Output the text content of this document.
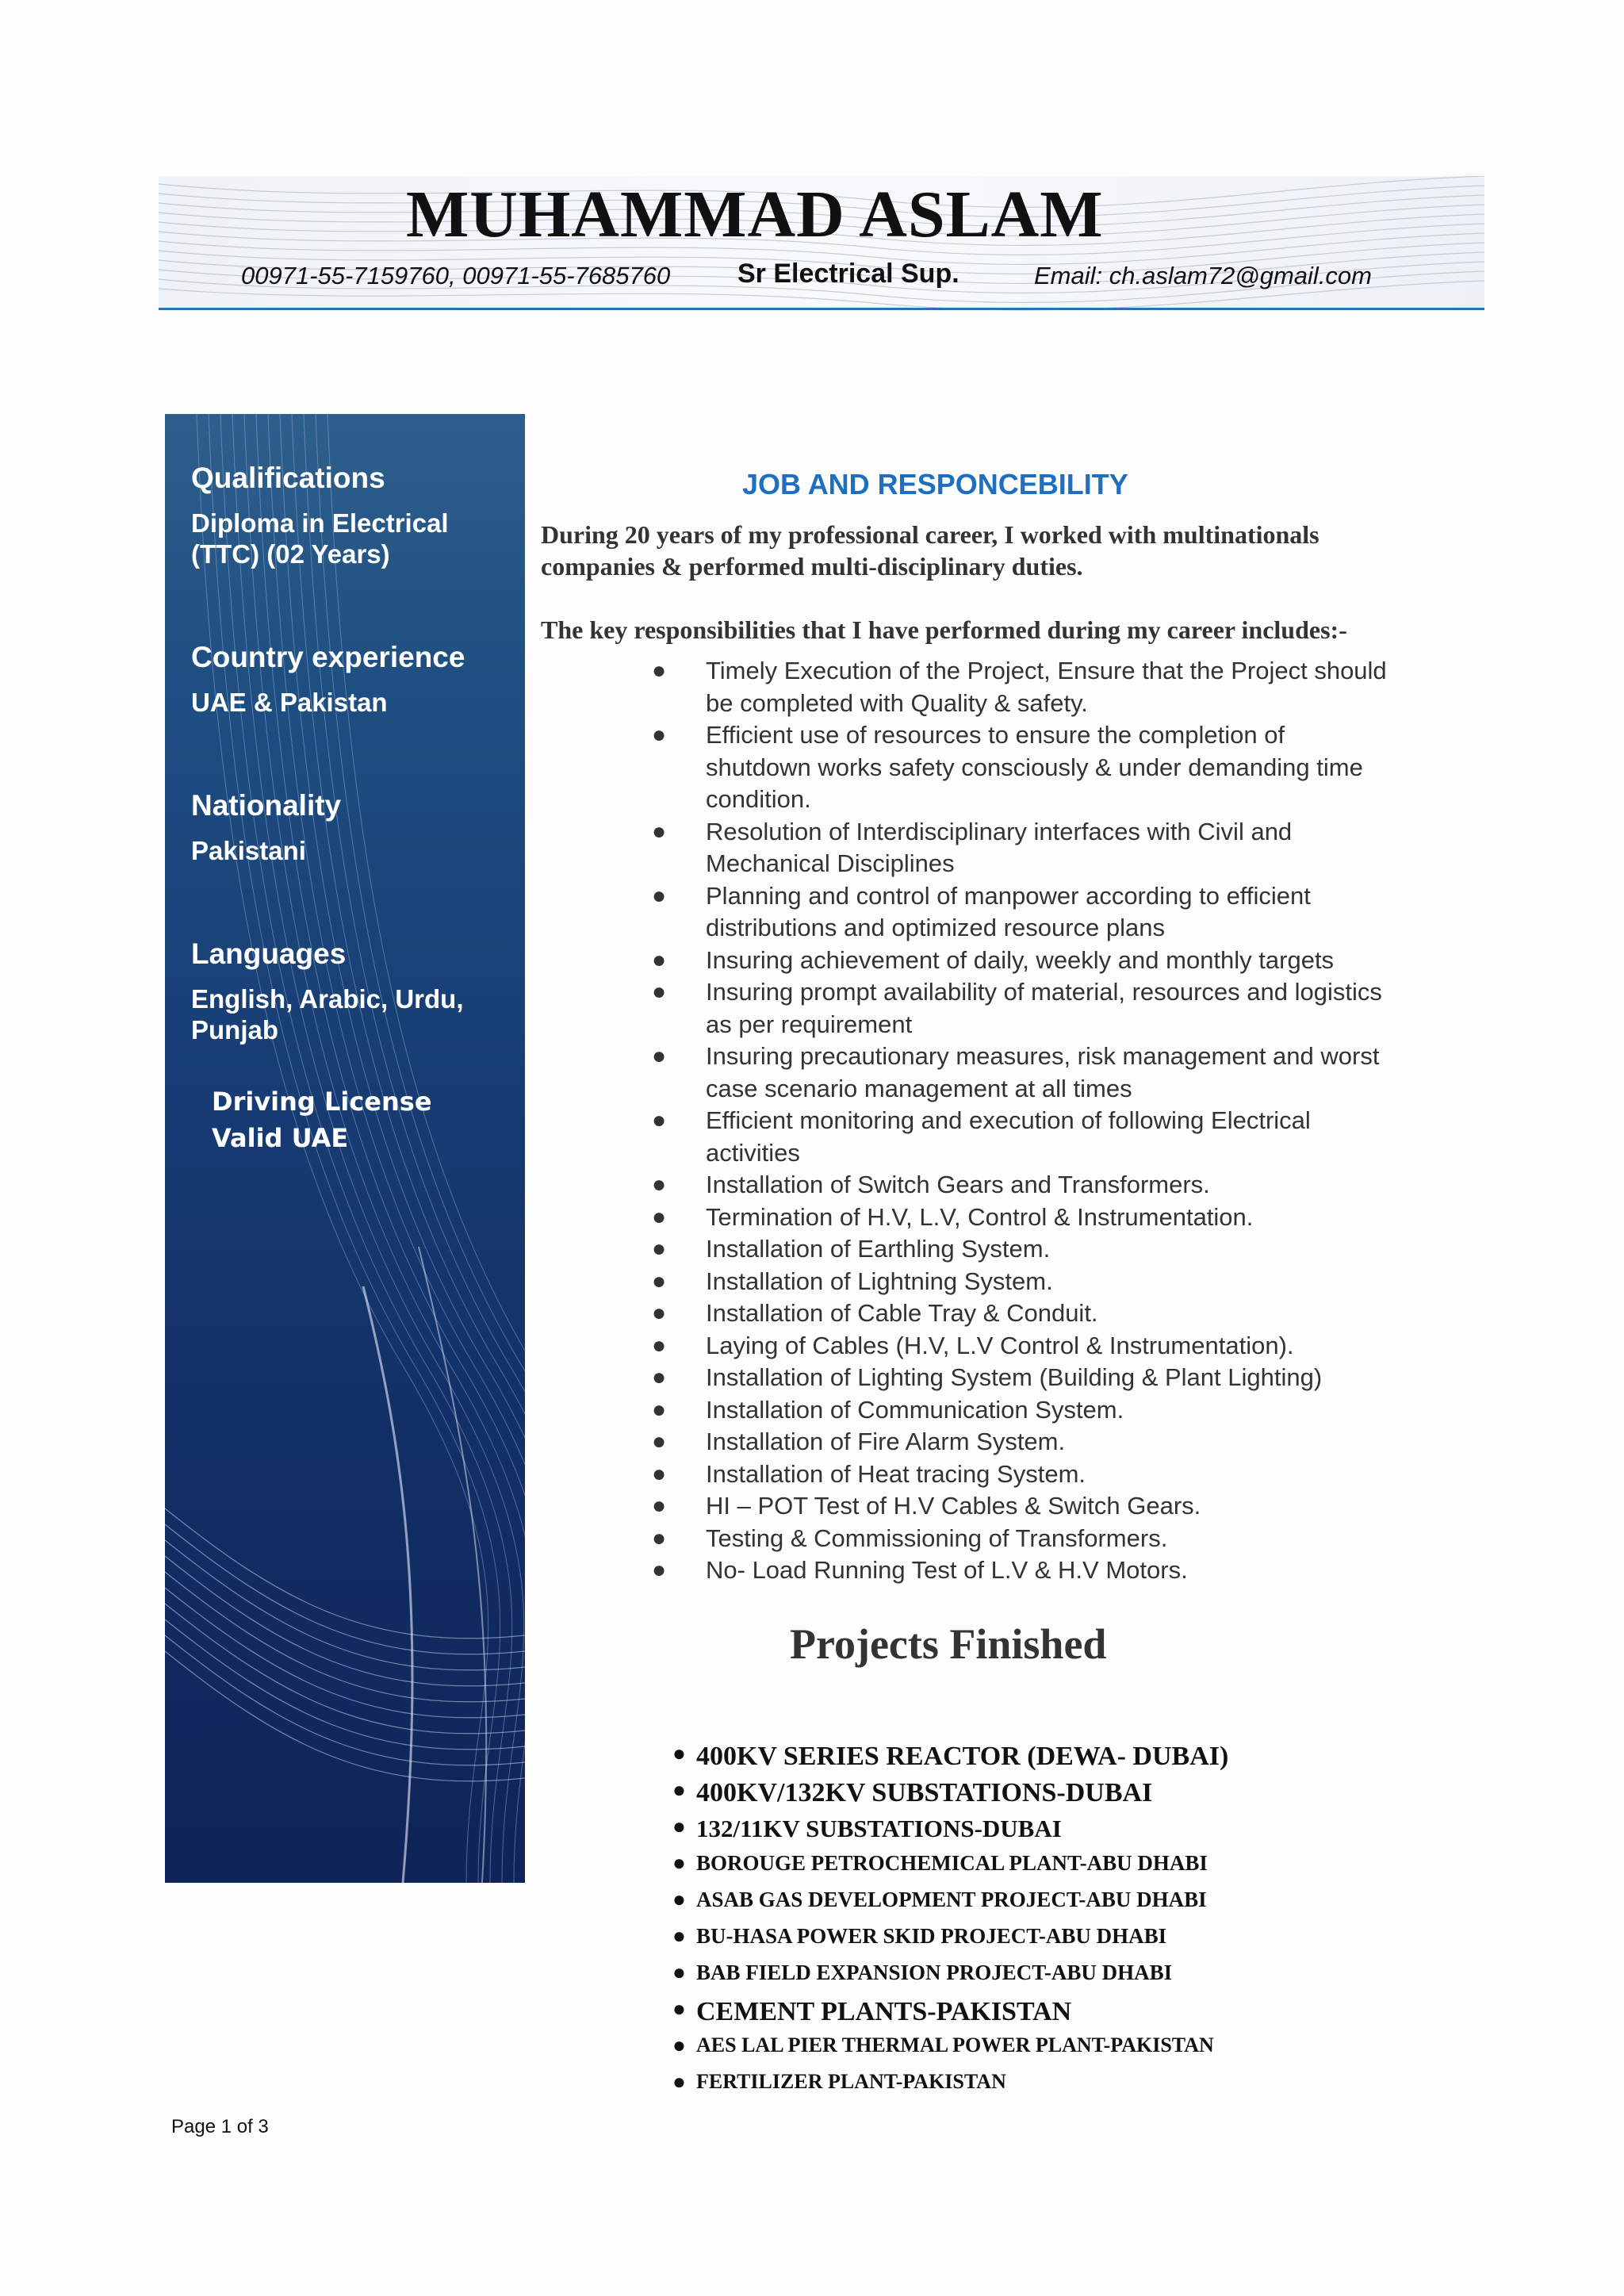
MUHAMMAD ASLAM
00971-55-7159760, 00971-55-7685760 Sr Electrical Sup.	Email: ch.aslam72@gmail.com

Qualifications

Diploma in Electrical

(TTC) (02 Years)

Country experience

UAE & Pakistan

Nationality

Pakistani

Languages

English, Arabic, Urdu,

Punjab

Driving License
Valid UAE
JOB AND RESPONCEBILITY
During 20 years of my professional career, I worked with multinationals
companies & performed multi-disciplinary duties.
The key responsibilities that I have performed during my career includes:-
● Timely Execution of the Project, Ensure that the Project should
be completed with Quality & safety.
● Efficient use of resources to ensure the completion of
shutdown works safety consciously & under demanding time
condition.
● Resolution of Interdisciplinary interfaces with Civil and
Mechanical Disciplines
● Planning and control of manpower according to efficient
distributions and optimized resource plans
● Insuring achievement of daily, weekly and monthly targets
● Insuring prompt availability of material, resources and logistics
as per requirement
● Insuring precautionary measures, risk management and worst
case scenario management at all times
● Efficient monitoring and execution of following Electrical
activities
● Installation of Switch Gears and Transformers.
● Termination of H.V, L.V, Control & Instrumentation.
● Installation of Earthling System.
● Installation of Lightning System.
● Installation of Cable Tray & Conduit.
● Laying of Cables (H.V, L.V Control & Instrumentation).
● Installation of Lighting System (Building & Plant Lighting)
● Installation of Communication System.
● Installation of Fire Alarm System.
● Installation of Heat tracing System.
● HI – POT Test of H.V Cables & Switch Gears.
● Testing & Commissioning of Transformers.
● No- Load Running Test of L.V & H.V Motors.
Projects Finished
● 400KV SERIES REACTOR (DEWA- DUBAI)
● 400KV/132KV SUBSTATIONS-DUBAI
● 132/11KV SUBSTATIONS-DUBAI
● BOROUGE PETROCHEMICAL PLANT-ABU DHABI
● ASAB GAS DEVELOPMENT PROJECT-ABU DHABI
● BU-HASA POWER SKID PROJECT-ABU DHABI
● BAB FIELD EXPANSION PROJECT-ABU DHABI
● CEMENT PLANTS-PAKISTAN
● AES LAL PIER THERMAL POWER PLANT-PAKISTAN
● FERTILIZER PLANT-PAKISTAN
Page 1 of 3
